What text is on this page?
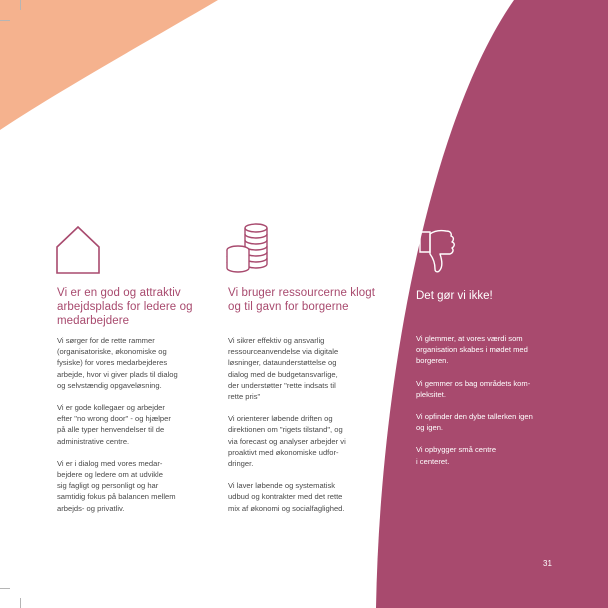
Vi er en god og attraktiv arbejdsplads for ledere og medarbejdere

Vi sørger for de rette rammer
(organisatoriske, økonomiske og
fysiske) for vores medarbejderes
arbejde, hvor vi giver plads til dialog
og selvstændig opgaveløsning.

Vi er gode kollegaer og arbejder
efter "no wrong door" - og hjælper
på alle typer henvendelser til de
administrative centre.

Vi er i dialog med vores medar-
bejdere og ledere om at udvikle
sig fagligt og personligt og har
samtidig fokus på balancen mellem
arbejds- og privatliv.

Vi bruger ressourcerne klogt og til gavn for borgerne

Vi sikrer effektiv og ansvarlig
ressourceanvendelse via digitale
løsninger, dataunderstøttelse og
dialog med de budgetansvarlige,
der understøtter "rette indsats til
rette pris"

Vi orienterer løbende driften og
direktionen om "rigets tilstand", og
via forecast og analyser arbejder vi
proaktivt med økonomiske udfor-
dringer.

Vi laver løbende og systematisk
udbud og kontrakter med det rette
mix af økonomi og socialfaglighed.

Det gør vi ikke!

Vi glemmer, at vores værdi som
organisation skabes i mødet med
borgeren.

Vi gemmer os bag områdets kom-
pleksitet.

Vi opfinder den dybe tallerken igen
og igen.

Vi opbygger små centre
i centeret.

31
